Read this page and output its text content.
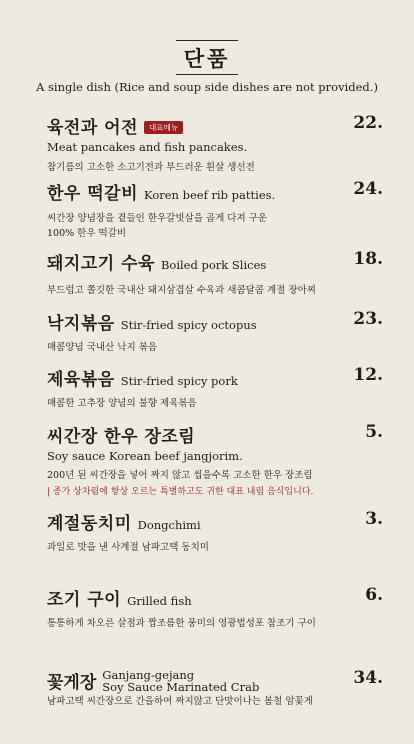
단품
A single dish (Rice and soup side dishes are not provided.)
육전과 어전	대표메뉴
Meat pancakes and fish pancakes.
참기름의 고소한 소고기전과 부드러운 흰살 생선전
22.
한우 떡갈비 Koren beef rib patties.
씨간장 양념장을 곁들인 한우갈빗살을 곱게 다져 구운
100% 한우 떡갈비
24.
돼지고기 수육 Boiled pork Slices
부드럽고 쫄깃한 국내산 돼지삼겹살 수육과 새콤달콤 계절 장아찌
18.
낙지볶음 Stir-fried spicy octopus
매콤양념 국내산 낙지 볶음
23.
제육볶음 Stir-fried spicy pork
매콤한 고추장 양념의 불향 제육볶음
12.
씨간장 한우 장조림
Soy sauce Korean beef jangjorim.
200년 된 씨간장을 넣어 짜지 않고 씹을수록 고소한 한우 장조림
| 종가 상차림에 항상 오르는 특별하고도 귀한 대표 내림 음식입니다.
5.
계절동치미 Dongchimi
과일로 맛을 낸 사계절 남파고택 동치미
3.
조기 구이 Grilled fish
통통하게 차오른 살점과 짭조름한 풍미의 영광법성포 참조기 구이
6.
꽃게장 Ganjang-gejang
Soy Sauce Marinated Crab
남파고택 씨간장으로 간을하여 짜지않고 단맛이나는 봄철 암꽃게
34.
